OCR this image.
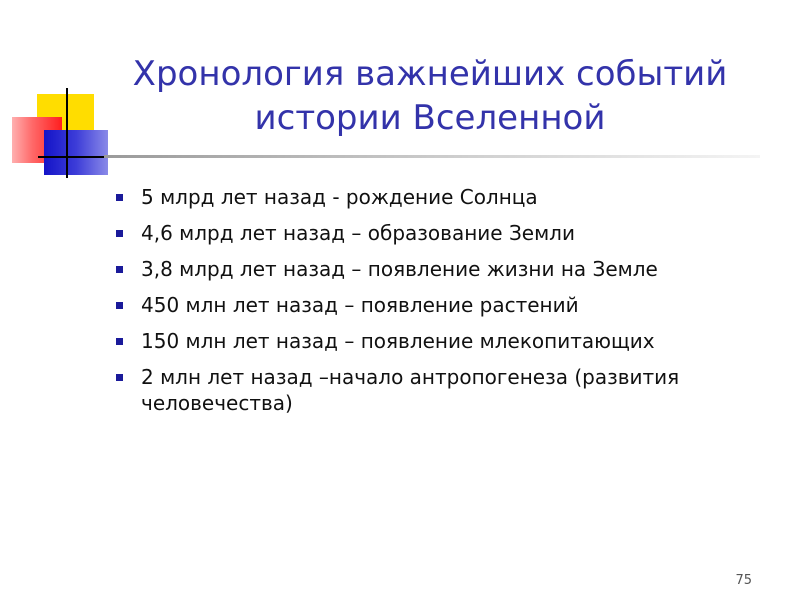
Хронология важнейших событий
истории Вселенной
5 млрд лет назад - рождение Солнца
4,6 млрд лет назад – образование Земли
3,8 млрд лет назад – появление жизни на Земле
450 млн лет назад – появление растений
150 млн лет назад – появление млекопитающих
2 млн лет назад –начало антропогенеза (развития человечества)
75
